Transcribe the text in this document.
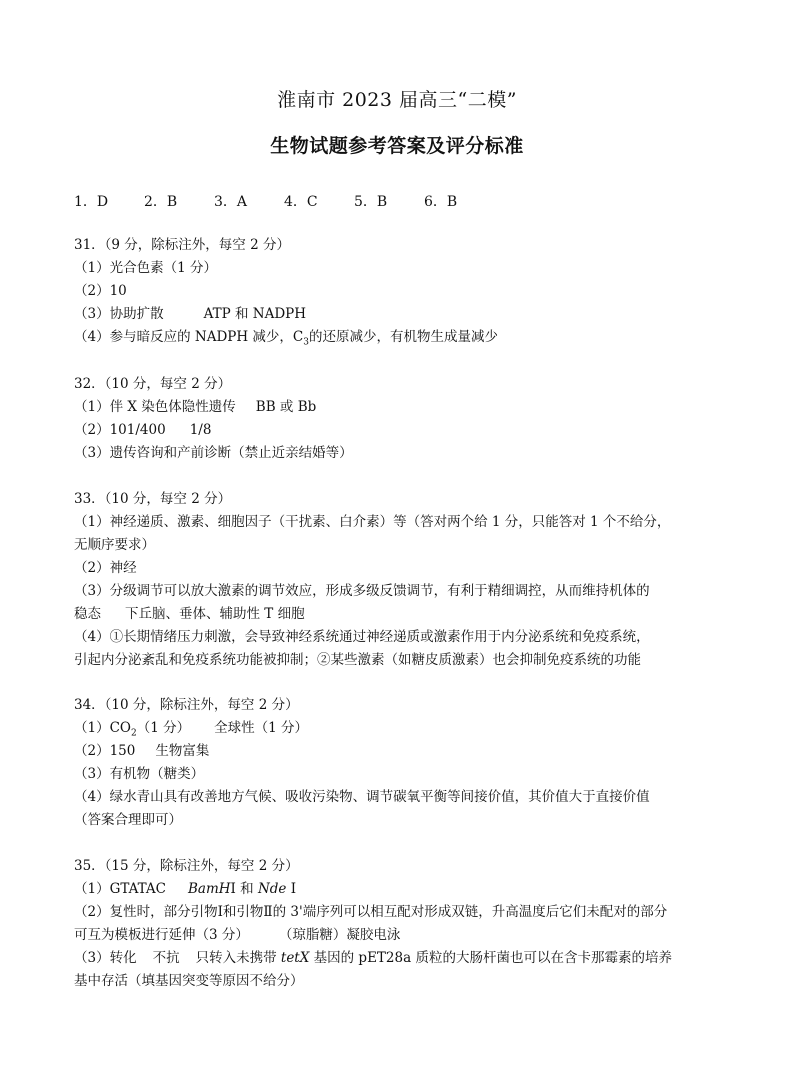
淮南市 2023 届高三“二模”
生物试题参考答案及评分标准
1．D	2．B	3．A	4．C	5．B	6．B
31．（9 分，除标注外，每空 2 分）
（1）光合色素（1 分）
（2）10
（3）协助扩散	ATP 和 NADPH
（4）参与暗反应的 NADPH 减少，$C_3$的还原减少，有机物生成量减少
32．（10 分，每空 2 分）
（1）伴 X 染色体隐性遗传 BB 或 Bb
（2）101/400 1/8
（3）遗传咨询和产前诊断（禁止近亲结婚等）
33．（10 分，每空 2 分）
（1）神经递质、激素、细胞因子（干扰素、白介素）等（答对两个给 1 分，只能答对 1 个不给分，
无顺序要求）
（2）神经
（3）分级调节可以放大激素的调节效应，形成多级反馈调节，有利于精细调控，从而维持机体的
稳态 下丘脑、垂体、辅助性 T 细胞
（4）①长期情绪压力刺激，会导致神经系统通过神经递质或激素作用于内分泌系统和免疫系统，
引起内分泌紊乱和免疫系统功能被抑制；②某些激素（如糖皮质激素）也会抑制免疫系统的功能
34．（10 分，除标注外，每空 2 分）
$(1)CO_2(1$ 分） 全球性（1 分）
（2）150 生物富集
（3）有机物（糖类）
（4）绿水青山具有改善地方气候、吸收污染物、调节碳氧平衡等间接价值，其价值大于直接价值
（答案合理即可）
35．（15 分，除标注外，每空 2 分）
（1）GTATAC BamHI 和 Nde I
（2）复性时，部分引物Ⅰ和引物Ⅱ的 3'端序列可以相互配对形成双链，升高温度后它们未配对的部分
可互为模板进行延伸（3 分） （琼脂糖）凝胶电泳
（3）转化 不抗 只转入未携带 tetX 基因的 pET28a 质粒的大肠杆菌也可以在含卡那霉素的培养
基中存活（填基因突变等原因不给分）
